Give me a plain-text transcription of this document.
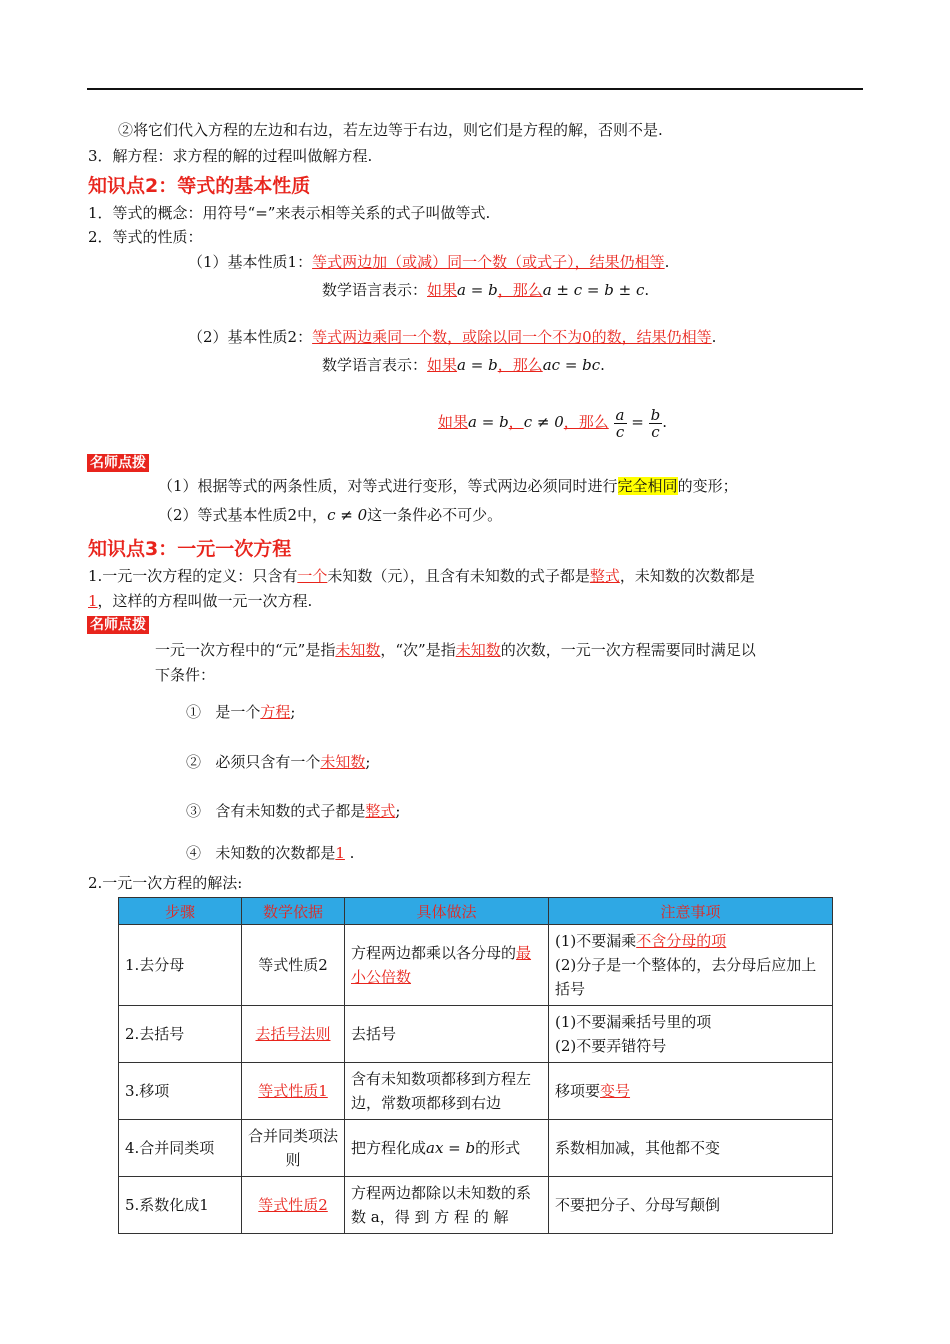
②将它们代入方程的左边和右边，若左边等于右边，则它们是方程的解，否则不是.
3．解方程：求方程的解的过程叫做解方程.
知识点2：等式的基本性质
1．等式的概念：用符号“=”来表示相等关系的式子叫做等式.
2．等式的性质：
（1）基本性质1：等式两边加（或减）同一个数（或式子），结果仍相等.
数学语言表示：如果a = b，那么a ± c = b ± c.
（2）基本性质2：等式两边乘同一个数，或除以同一个不为0的数，结果仍相等.
数学语言表示：如果a = b，那么ac = bc.
如果a = b，c ≠ 0，那么 $\frac{a}{c} = \frac{b}{c}$ .
名师点拨
（1）根据等式的两条性质，对等式进行变形，等式两边必须同时进行完全相同的变形；
（2）等式基本性质2中，c ≠ 0这一条件必不可少。
知识点3：一元一次方程
1.一元一次方程的定义：只含有一个未知数（元），且含有未知数的式子都是整式，未知数的次数都是
1，这样的方程叫做一元一次方程.
名师点拨
一元一次方程中的“元”是指未知数，“次”是指未知数的次数，一元一次方程需要同时满足以
下条件：
① 是一个方程;
② 必须只含有一个未知数;
③ 含有未知数的式子都是整式;
④ 未知数的次数都是1 .
2.一元一次方程的解法:
步骤	数学依据	具体做法	注意事项
1.去分母	等式性质2	方程两边都乘以各分母的最小公倍数	(1)不要漏乘不含分母的项
(2)分子是一个整体的，去分母后应加上括号

2.去括号	去括号法则	去括号	(1)不要漏乘括号里的项
(2)不要弄错符号

3.移项	等式性质1	含有未知数项都移到方程左边，常数项都移到右边	移项要变号
4.合并同类项	合并同类项法则	把方程化成ax = b的形式	系数相加减，其他都不变
5.系数化成1	等式性质2	方程两边都除以未知数的系 数 a，得 到 方 程 的 解	不要把分子、分母写颠倒
